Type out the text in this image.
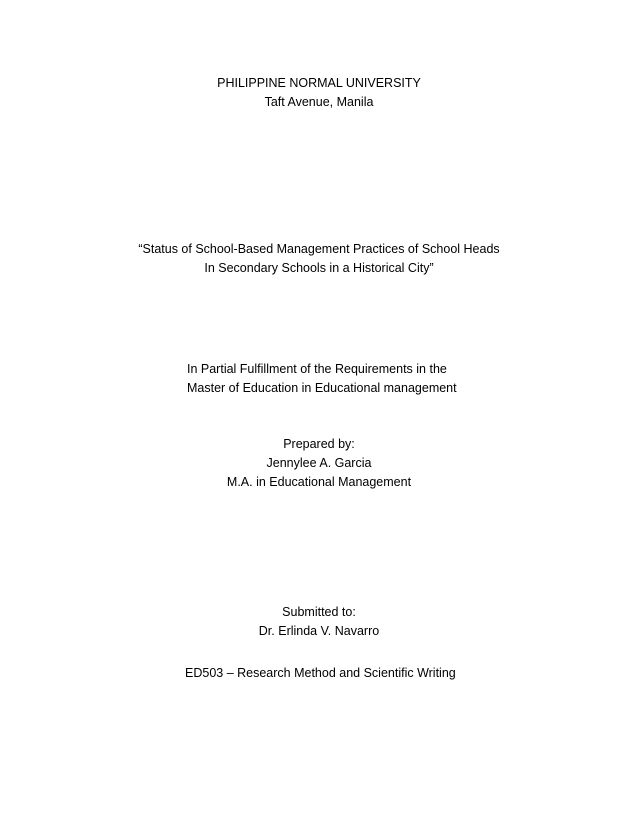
PHILIPPINE NORMAL UNIVERSITY
Taft Avenue, Manila
“Status of School-Based Management Practices of School Heads
In Secondary Schools in a Historical City”
In Partial Fulfillment of the Requirements in the
Master of Education in Educational management
Prepared by:
Jennylee A. Garcia
M.A. in Educational Management
Submitted to:
Dr. Erlinda V. Navarro
ED503 – Research Method and Scientific Writing
